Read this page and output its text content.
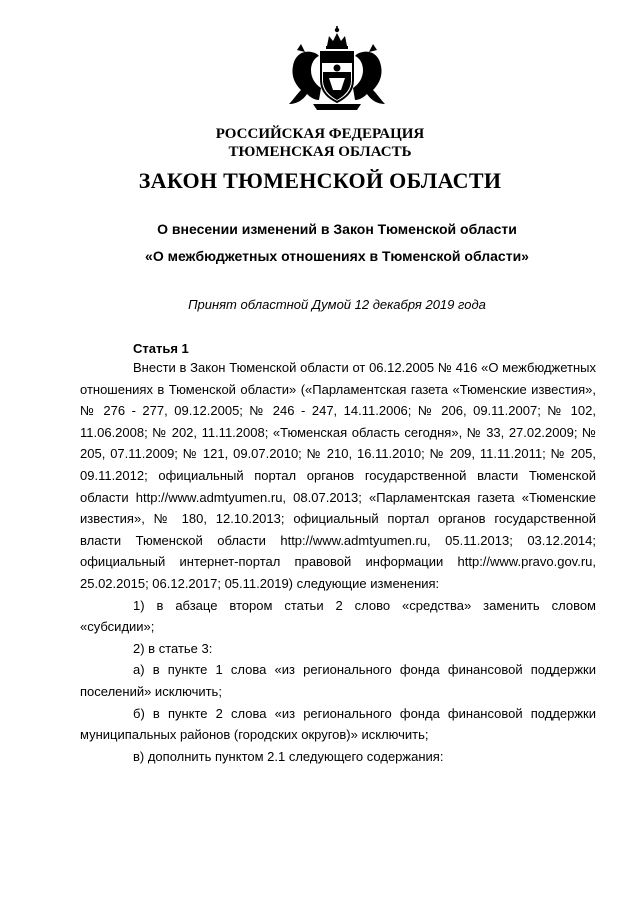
РОССИЙСКАЯ ФЕДЕРАЦИЯ
ТЮМЕНСКАЯ ОБЛАСТЬ
ЗАКОН ТЮМЕНСКОЙ ОБЛАСТИ
О внесении изменений в Закон Тюменской области
«О межбюджетных отношениях в Тюменской области»
Принят областной Думой 12 декабря 2019 года
Статья 1

Внести в Закон Тюменской области от 06.12.2005 № 416 «О межбюджетных отношениях в Тюменской области» («Парламентская газета «Тюменские известия», № 276 - 277, 09.12.2005; № 246 - 247, 14.11.2006; № 206, 09.11.2007; № 102, 11.06.2008; № 202, 11.11.2008; «Тюменская область сегодня», № 33, 27.02.2009; № 205, 07.11.2009; № 121, 09.07.2010; № 210, 16.11.2010; № 209, 11.11.2011; № 205, 09.11.2012; официальный портал органов государственной власти Тюменской области http://www.admtyumen.ru, 08.07.2013; «Парламентская газета «Тюменские известия», № 180, 12.10.2013; официальный портал органов государственной власти Тюменской области http://www.admtyumen.ru, 05.11.2013; 03.12.2014; официальный интернет-портал правовой информации http://www.pravo.gov.ru, 25.02.2015; 06.12.2017; 05.11.2019) следующие изменения:

1) в абзаце втором статьи 2 слово «средства» заменить словом «субсидии»;

2) в статье 3:

а) в пункте 1 слова «из регионального фонда финансовой поддержки поселений» исключить;

б) в пункте 2 слова «из регионального фонда финансовой поддержки муниципальных районов (городских округов)» исключить;

в) дополнить пунктом 2.1 следующего содержания:
